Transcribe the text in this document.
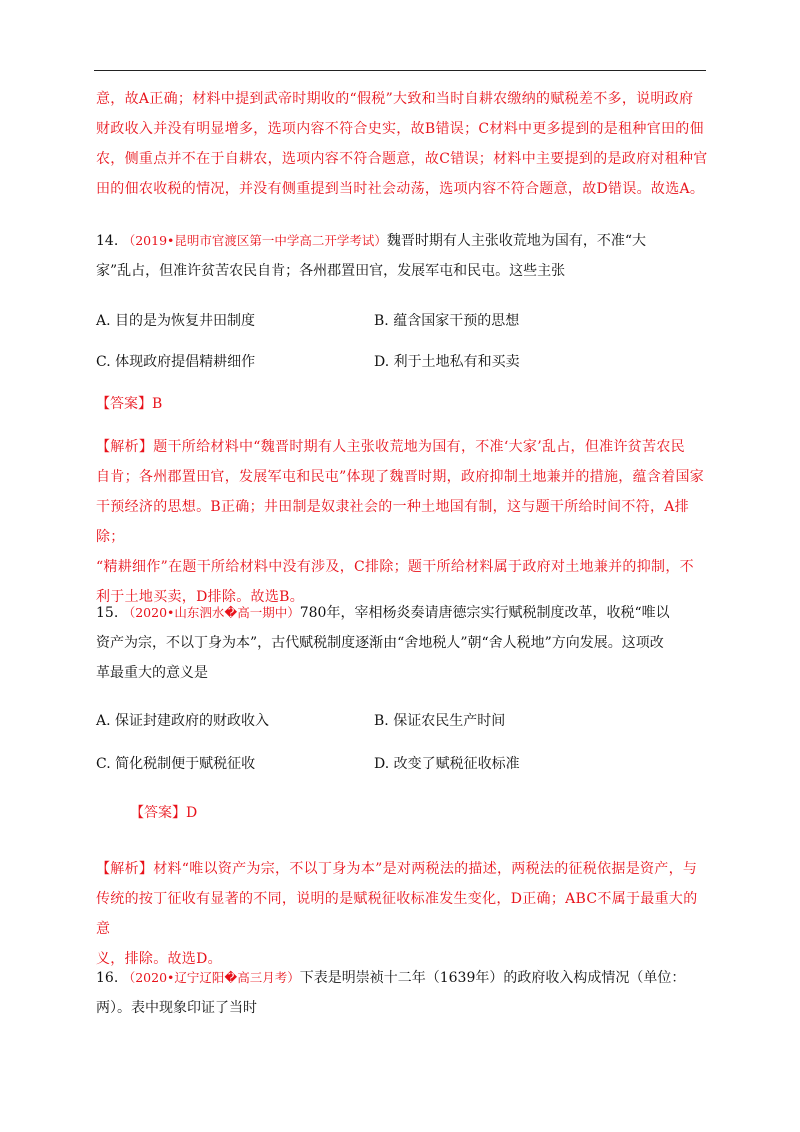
意，故A正确；材料中提到武帝时期收的“假税”大致和当时自耕农缴纳的赋税差不多，说明政府
财政收入并没有明显增多，选项内容不符合史实，故B错误；C材料中更多提到的是租种官田的佃
农，侧重点并不在于自耕农，选项内容不符合题意，故C错误；材料中主要提到的是政府对租种官
田的佃农收税的情况，并没有侧重提到当时社会动荡，选项内容不符合题意，故D错误。故选A。
14. （2019•昆明市官渡区第一中学高二开学考试）魏晋时期有人主张收荒地为国有，不准“大
家”乱占，但准许贫苦农民自肯；各州郡置田官，发展军屯和民屯。这些主张
A. 目的是为恢复井田制度	B. 蕴含国家干预的思想
C. 体现政府提倡精耕细作	D. 利于土地私有和买卖
【答案】B
【解析】题干所给材料中“魏晋时期有人主张收荒地为国有，不准‘大家’乱占，但准许贫苦农民
自肯；各州郡置田官，发展军屯和民屯”体现了魏晋时期，政府抑制土地兼并的措施，蕴含着国家
干预经济的思想。B正确；井田制是奴隶社会的一种土地国有制，这与题干所给时间不符，A排除；
“精耕细作”在题干所给材料中没有涉及，C排除；题干所给材料属于政府对土地兼并的抑制，不
利于土地买卖，D排除。故选B。
15. （2020•山东泗水�高一期中）780年，宰相杨炎奏请唐德宗实行赋税制度改革，收税“唯以
资产为宗，不以丁身为本”，古代赋税制度逐渐由“舍地税人”朝“舍人税地”方向发展。这项改
革最重大的意义是
A. 保证封建政府的财政收入	B. 保证农民生产时间
C. 简化税制便于赋税征收	D. 改变了赋税征收标准
【答案】D
【解析】材料“唯以资产为宗，不以丁身为本”是对两税法的描述，两税法的征税依据是资产，与
传统的按丁征收有显著的不同，说明的是赋税征收标准发生变化，D正确；ABC不属于最重大的意
义，排除。故选D。
16. （2020•辽宁辽阳�高三月考）下表是明崇祯十二年（1639年）的政府收入构成情况（单位：
两）。表中现象印证了当时
